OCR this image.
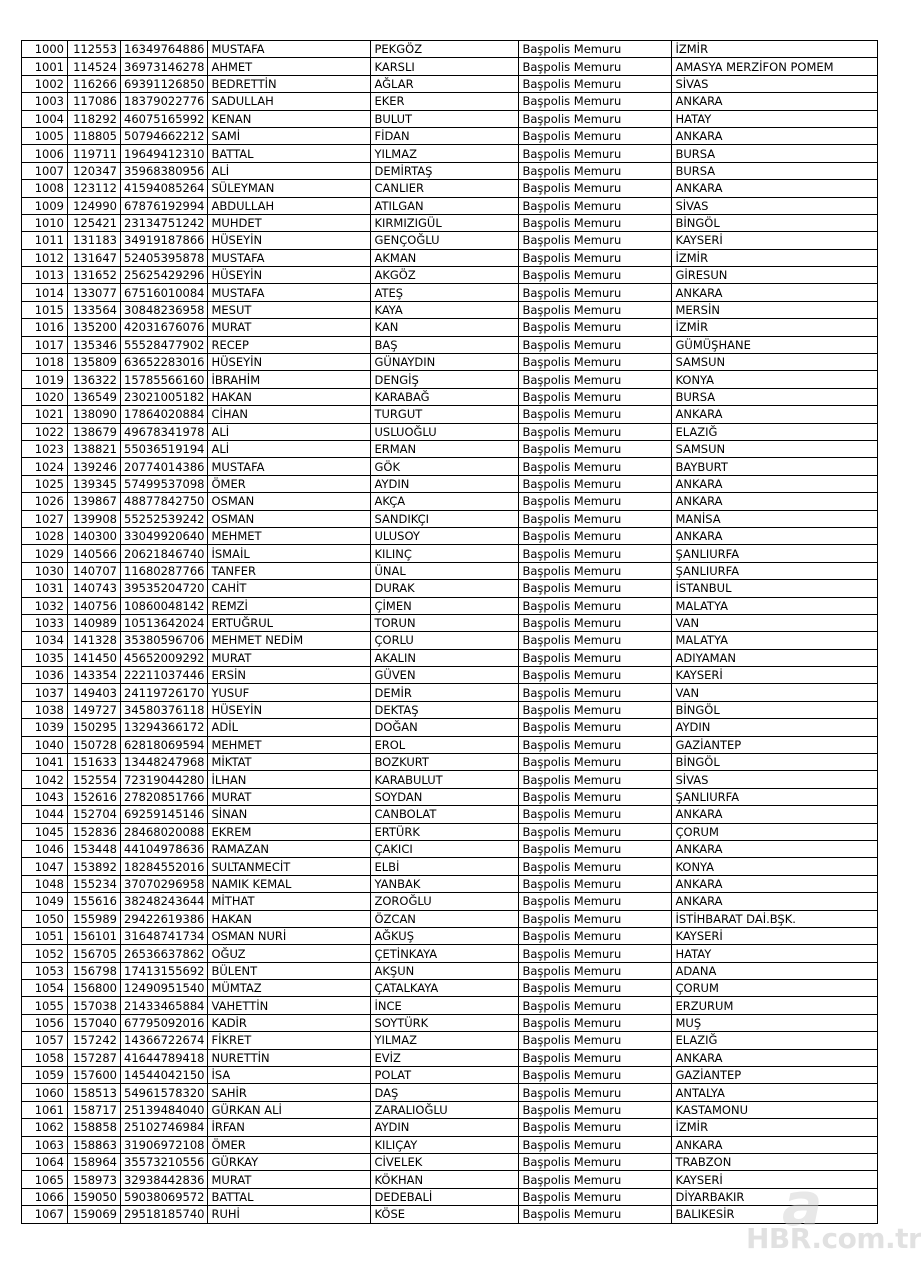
1000	112553	16349764886	MUSTAFA	PEKGÖZ	Başpolis Memuru	İZMİR
1001	114524	36973146278	AHMET	KARSLI	Başpolis Memuru	AMASYA MERZİFON POMEM
1002	116266	69391126850	BEDRETTİN	AĞLAR	Başpolis Memuru	SİVAS
1003	117086	18379022776	SADULLAH	EKER	Başpolis Memuru	ANKARA
1004	118292	46075165992	KENAN	BULUT	Başpolis Memuru	HATAY
1005	118805	50794662212	SAMİ	FİDAN	Başpolis Memuru	ANKARA
1006	119711	19649412310	BATTAL	YILMAZ	Başpolis Memuru	BURSA
1007	120347	35968380956	ALİ	DEMİRTAŞ	Başpolis Memuru	BURSA
1008	123112	41594085264	SÜLEYMAN	CANLIER	Başpolis Memuru	ANKARA
1009	124990	67876192994	ABDULLAH	ATILGAN	Başpolis Memuru	SİVAS
1010	125421	23134751242	MUHDET	KIRMIZIGÜL	Başpolis Memuru	BİNGÖL
1011	131183	34919187866	HÜSEYİN	GENÇOĞLU	Başpolis Memuru	KAYSERİ
1012	131647	52405395878	MUSTAFA	AKMAN	Başpolis Memuru	İZMİR
1013	131652	25625429296	HÜSEYİN	AKGÖZ	Başpolis Memuru	GİRESUN
1014	133077	67516010084	MUSTAFA	ATEŞ	Başpolis Memuru	ANKARA
1015	133564	30848236958	MESUT	KAYA	Başpolis Memuru	MERSİN
1016	135200	42031676076	MURAT	KAN	Başpolis Memuru	İZMİR
1017	135346	55528477902	RECEP	BAŞ	Başpolis Memuru	GÜMÜŞHANE
1018	135809	63652283016	HÜSEYİN	GÜNAYDIN	Başpolis Memuru	SAMSUN
1019	136322	15785566160	İBRAHİM	DENGİŞ	Başpolis Memuru	KONYA
1020	136549	23021005182	HAKAN	KARABAĞ	Başpolis Memuru	BURSA
1021	138090	17864020884	CİHAN	TURGUT	Başpolis Memuru	ANKARA
1022	138679	49678341978	ALİ	USLUOĞLU	Başpolis Memuru	ELAZIĞ
1023	138821	55036519194	ALİ	ERMAN	Başpolis Memuru	SAMSUN
1024	139246	20774014386	MUSTAFA	GÖK	Başpolis Memuru	BAYBURT
1025	139345	57499537098	ÖMER	AYDIN	Başpolis Memuru	ANKARA
1026	139867	48877842750	OSMAN	AKÇA	Başpolis Memuru	ANKARA
1027	139908	55252539242	OSMAN	SANDIKÇI	Başpolis Memuru	MANİSA
1028	140300	33049920640	MEHMET	ULUSOY	Başpolis Memuru	ANKARA
1029	140566	20621846740	İSMAİL	KILINÇ	Başpolis Memuru	ŞANLIURFA
1030	140707	11680287766	TANFER	ÜNAL	Başpolis Memuru	ŞANLIURFA
1031	140743	39535204720	CAHİT	DURAK	Başpolis Memuru	İSTANBUL
1032	140756	10860048142	REMZİ	ÇİMEN	Başpolis Memuru	MALATYA
1033	140989	10513642024	ERTUĞRUL	TORUN	Başpolis Memuru	VAN
1034	141328	35380596706	MEHMET NEDİM	ÇORLU	Başpolis Memuru	MALATYA
1035	141450	45652009292	MURAT	AKALIN	Başpolis Memuru	ADIYAMAN
1036	143354	22211037446	ERSİN	GÜVEN	Başpolis Memuru	KAYSERİ
1037	149403	24119726170	YUSUF	DEMİR	Başpolis Memuru	VAN
1038	149727	34580376118	HÜSEYİN	DEKTAŞ	Başpolis Memuru	BİNGÖL
1039	150295	13294366172	ADİL	DOĞAN	Başpolis Memuru	AYDIN
1040	150728	62818069594	MEHMET	EROL	Başpolis Memuru	GAZİANTEP
1041	151633	13448247968	MİKTAT	BOZKURT	Başpolis Memuru	BİNGÖL
1042	152554	72319044280	İLHAN	KARABULUT	Başpolis Memuru	SİVAS
1043	152616	27820851766	MURAT	SOYDAN	Başpolis Memuru	ŞANLIURFA
1044	152704	69259145146	SİNAN	CANBOLAT	Başpolis Memuru	ANKARA
1045	152836	28468020088	EKREM	ERTÜRK	Başpolis Memuru	ÇORUM
1046	153448	44104978636	RAMAZAN	ÇAKICI	Başpolis Memuru	ANKARA
1047	153892	18284552016	SULTANMECİT	ELBİ	Başpolis Memuru	KONYA
1048	155234	37070296958	NAMIK KEMAL	YANBAK	Başpolis Memuru	ANKARA
1049	155616	38248243644	MİTHAT	ZOROĞLU	Başpolis Memuru	ANKARA
1050	155989	29422619386	HAKAN	ÖZCAN	Başpolis Memuru	İSTİHBARAT DAİ.BŞK.
1051	156101	31648741734	OSMAN NURİ	AĞKUŞ	Başpolis Memuru	KAYSERİ
1052	156705	26536637862	OĞUZ	ÇETİNKAYA	Başpolis Memuru	HATAY
1053	156798	17413155692	BÜLENT	AKŞUN	Başpolis Memuru	ADANA
1054	156800	12490951540	MÜMTAZ	ÇATALKAYA	Başpolis Memuru	ÇORUM
1055	157038	21433465884	VAHETTİN	İNCE	Başpolis Memuru	ERZURUM
1056	157040	67795092016	KADİR	SOYTÜRK	Başpolis Memuru	MUŞ
1057	157242	14366722674	FİKRET	YILMAZ	Başpolis Memuru	ELAZIĞ
1058	157287	41644789418	NURETTİN	EVİZ	Başpolis Memuru	ANKARA
1059	157600	14544042150	İSA	POLAT	Başpolis Memuru	GAZİANTEP
1060	158513	54961578320	SAHİR	DAŞ	Başpolis Memuru	ANTALYA
1061	158717	25139484040	GÜRKAN ALİ	ZARALIOĞLU	Başpolis Memuru	KASTAMONU
1062	158858	25102746984	İRFAN	AYDIN	Başpolis Memuru	İZMİR
1063	158863	31906972108	ÖMER	KILIÇAY	Başpolis Memuru	ANKARA
1064	158964	35573210556	GÜRKAY	CİVELEK	Başpolis Memuru	TRABZON
1065	158973	32938442836	MURAT	KÖKHAN	Başpolis Memuru	KAYSERİ
1066	159050	59038069572	BATTAL	DEDEBALİ	Başpolis Memuru	DİYARBAKIR
1067	159069	29518185740	RUHİ	KÖSE	Başpolis Memuru	BALIKESİR a
HBR.com.tr
